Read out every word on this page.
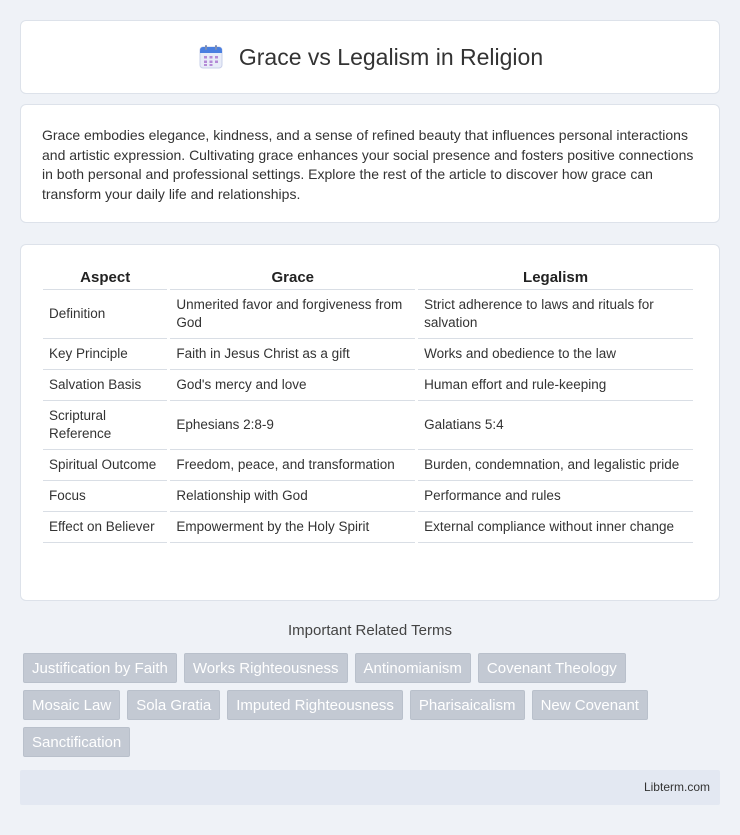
Grace vs Legalism in Religion

Grace embodies elegance, kindness, and a sense of refined beauty that influences personal interactions and artistic expression. Cultivating grace enhances your social presence and fosters positive connections in both personal and professional settings. Explore the rest of the article to discover how grace can transform your daily life and relationships.

Aspect	Grace	Legalism
Definition	Unmerited favor and forgiveness from God	Strict adherence to laws and rituals for salvation
Key Principle	Faith in Jesus Christ as a gift	Works and obedience to the law
Salvation Basis	God's mercy and love	Human effort and rule-keeping
Scriptural Reference	Ephesians 2:8-9	Galatians 5:4
Spiritual Outcome	Freedom, peace, and transformation	Burden, condemnation, and legalistic pride
Focus	Relationship with God	Performance and rules
Effect on Believer	Empowerment by the Holy Spirit	External compliance without inner change
Important Related Terms
Justification by Faith	Works Righteousness	Antinomianism	Covenant Theology
Mosaic Law	Sola Gratia	Imputed Righteousness	Pharisaicalism	New Covenant
Sanctification
Libterm.com
